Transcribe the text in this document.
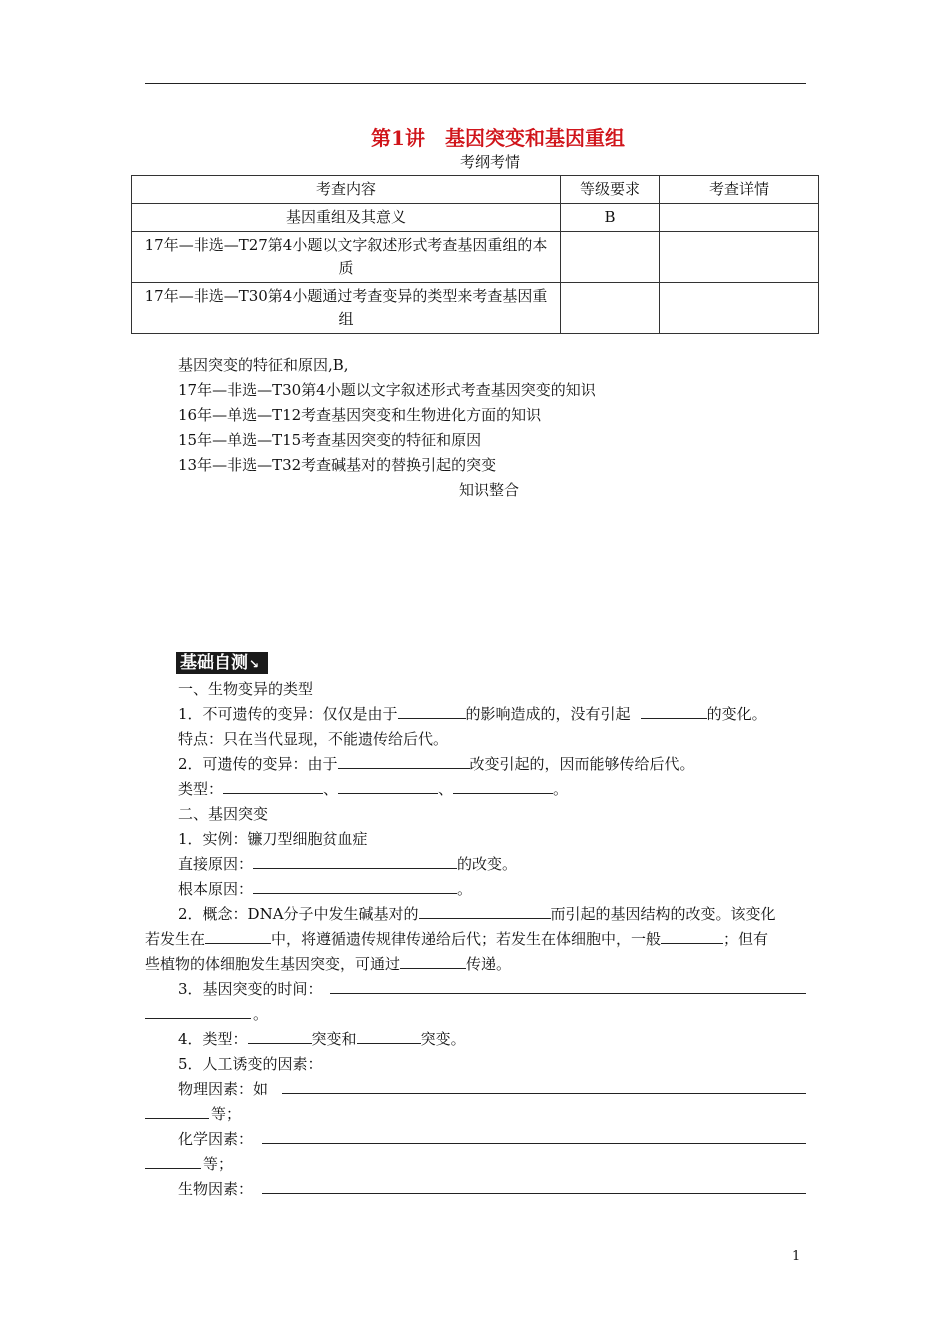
第1讲　基因突变和基因重组
考纲考情
考查内容	等级要求	考查详情
基因重组及其意义	B	
17年—非选—T27第4小题以文字叙述形式考查基因重组的本质		
17年—非选—T30第4小题通过考查变异的类型来考查基因重组		
基因突变的特征和原因,B,
17年—非选—T30第4小题以文字叙述形式考查基因突变的知识
16年—单选—T12考查基因突变和生物进化方面的知识
15年—单选—T15考查基因突变的特征和原因
13年—非选—T32考查碱基对的替换引起的突变
知识整合
基础自测↘
一、生物变异的类型
1．不可遗传的变异：仅仅是由于	的影响造成的，没有引起	的变化。
特点：只在当代显现，不能遗传给后代。
2．可遗传的变异：由于	改变引起的，因而能够传给后代。
类型：	、	、	。
二、基因突变
1．实例：镰刀型细胞贫血症
直接原因：	的改变。
根本原因：	。
2．概念：DNA分子中发生碱基对的	而引起的基因结构的改变。该变化
若发生在	中，将遵循遗传规律传递给后代；若发生在体细胞中，一般	；但有
些植物的体细胞发生基因突变，可通过	传递。
3．基因突变的时间：
。
4．类型：	突变和	突变。
5．人工诱变的因素：
物理因素：如
等；
化学因素：
等；
生物因素：
1
